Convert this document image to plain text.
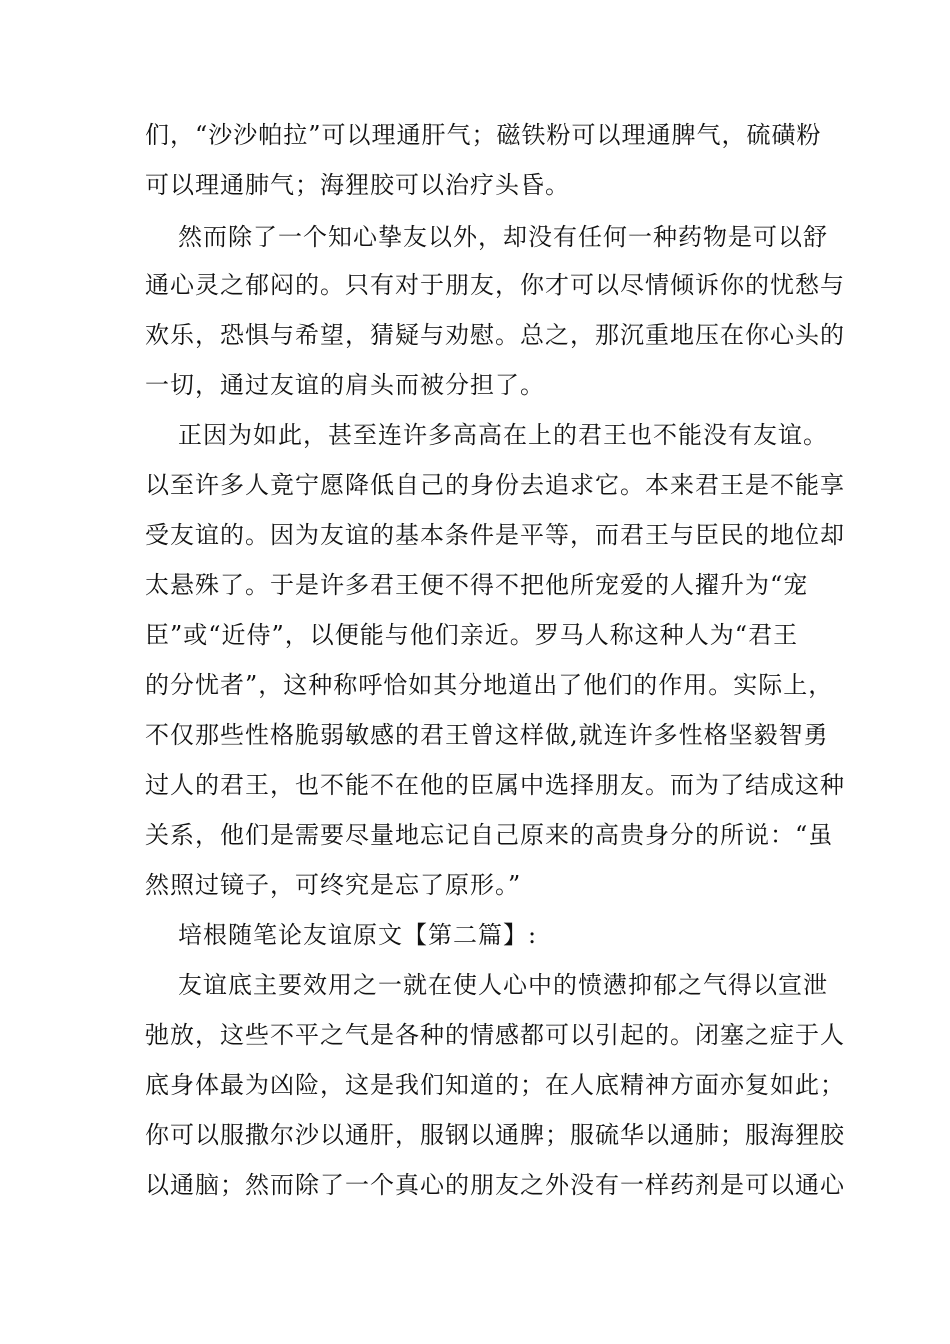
们，“沙沙帕拉”可以理通肝气；磁铁粉可以理通脾气，硫磺粉

可以理通肺气；海狸胶可以治疗头昏。

然而除了一个知心挚友以外，却没有任何一种药物是可以舒

通心灵之郁闷的。只有对于朋友，你才可以尽情倾诉你的忧愁与

欢乐，恐惧与希望，猜疑与劝慰。总之，那沉重地压在你心头的

一切，通过友谊的肩头而被分担了。

正因为如此，甚至连许多高高在上的君王也不能没有友谊。

以至许多人竟宁愿降低自己的身份去追求它。本来君王是不能享

受友谊的。因为友谊的基本条件是平等，而君王与臣民的地位却

太悬殊了。于是许多君王便不得不把他所宠爱的人擢升为“宠

臣”或“近侍”，以便能与他们亲近。罗马人称这种人为“君王

的分忧者”，这种称呼恰如其分地道出了他们的作用。实际上，

不仅那些性格脆弱敏感的君王曾这样做,就连许多性格坚毅智勇

过人的君王，也不能不在他的臣属中选择朋友。而为了结成这种

关系，他们是需要尽量地忘记自己原来的高贵身分的所说：“虽

然照过镜子，可终究是忘了原形。”

培根随笔论友谊原文【第二篇】:

友谊底主要效用之一就在使人心中的愤懑抑郁之气得以宣泄

弛放，这些不平之气是各种的情感都可以引起的。闭塞之症于人

底身体最为凶险，这是我们知道的；在人底精神方面亦复如此；

你可以服撒尔沙以通肝，服钢以通脾；服硫华以通肺；服海狸胶

以通脑；然而除了一个真心的朋友之外没有一样药剂是可以通心
